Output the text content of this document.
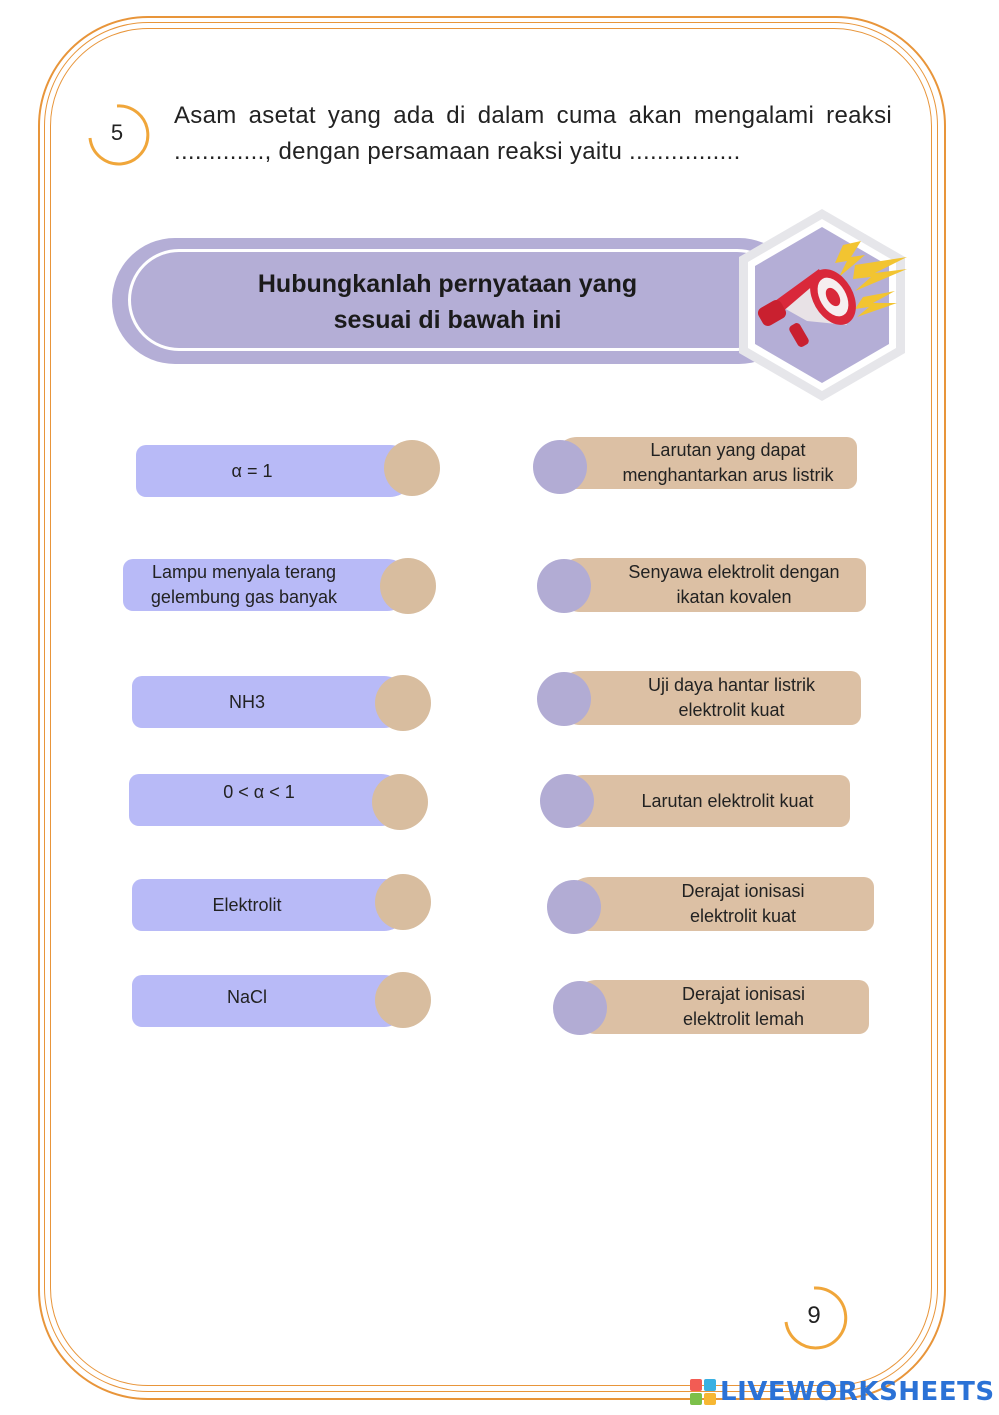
5
Asam asetat yang ada di dalam cuma akan mengalami reaksi ............., dengan persamaan reaksi yaitu ................
Hubungkanlah pernyataan yang
sesuai di bawah ini
α = 1
Lampu menyala terang gelembung gas banyak
NH3
0 < α < 1
Elektrolit
NaCl
Larutan yang dapat menghantarkan arus listrik
Senyawa elektrolit dengan ikatan kovalen
Uji daya hantar listrik elektrolit kuat
Larutan elektrolit kuat
Derajat ionisasi elektrolit kuat
Derajat ionisasi elektrolit lemah
9
LIVEWORKSHEETS
